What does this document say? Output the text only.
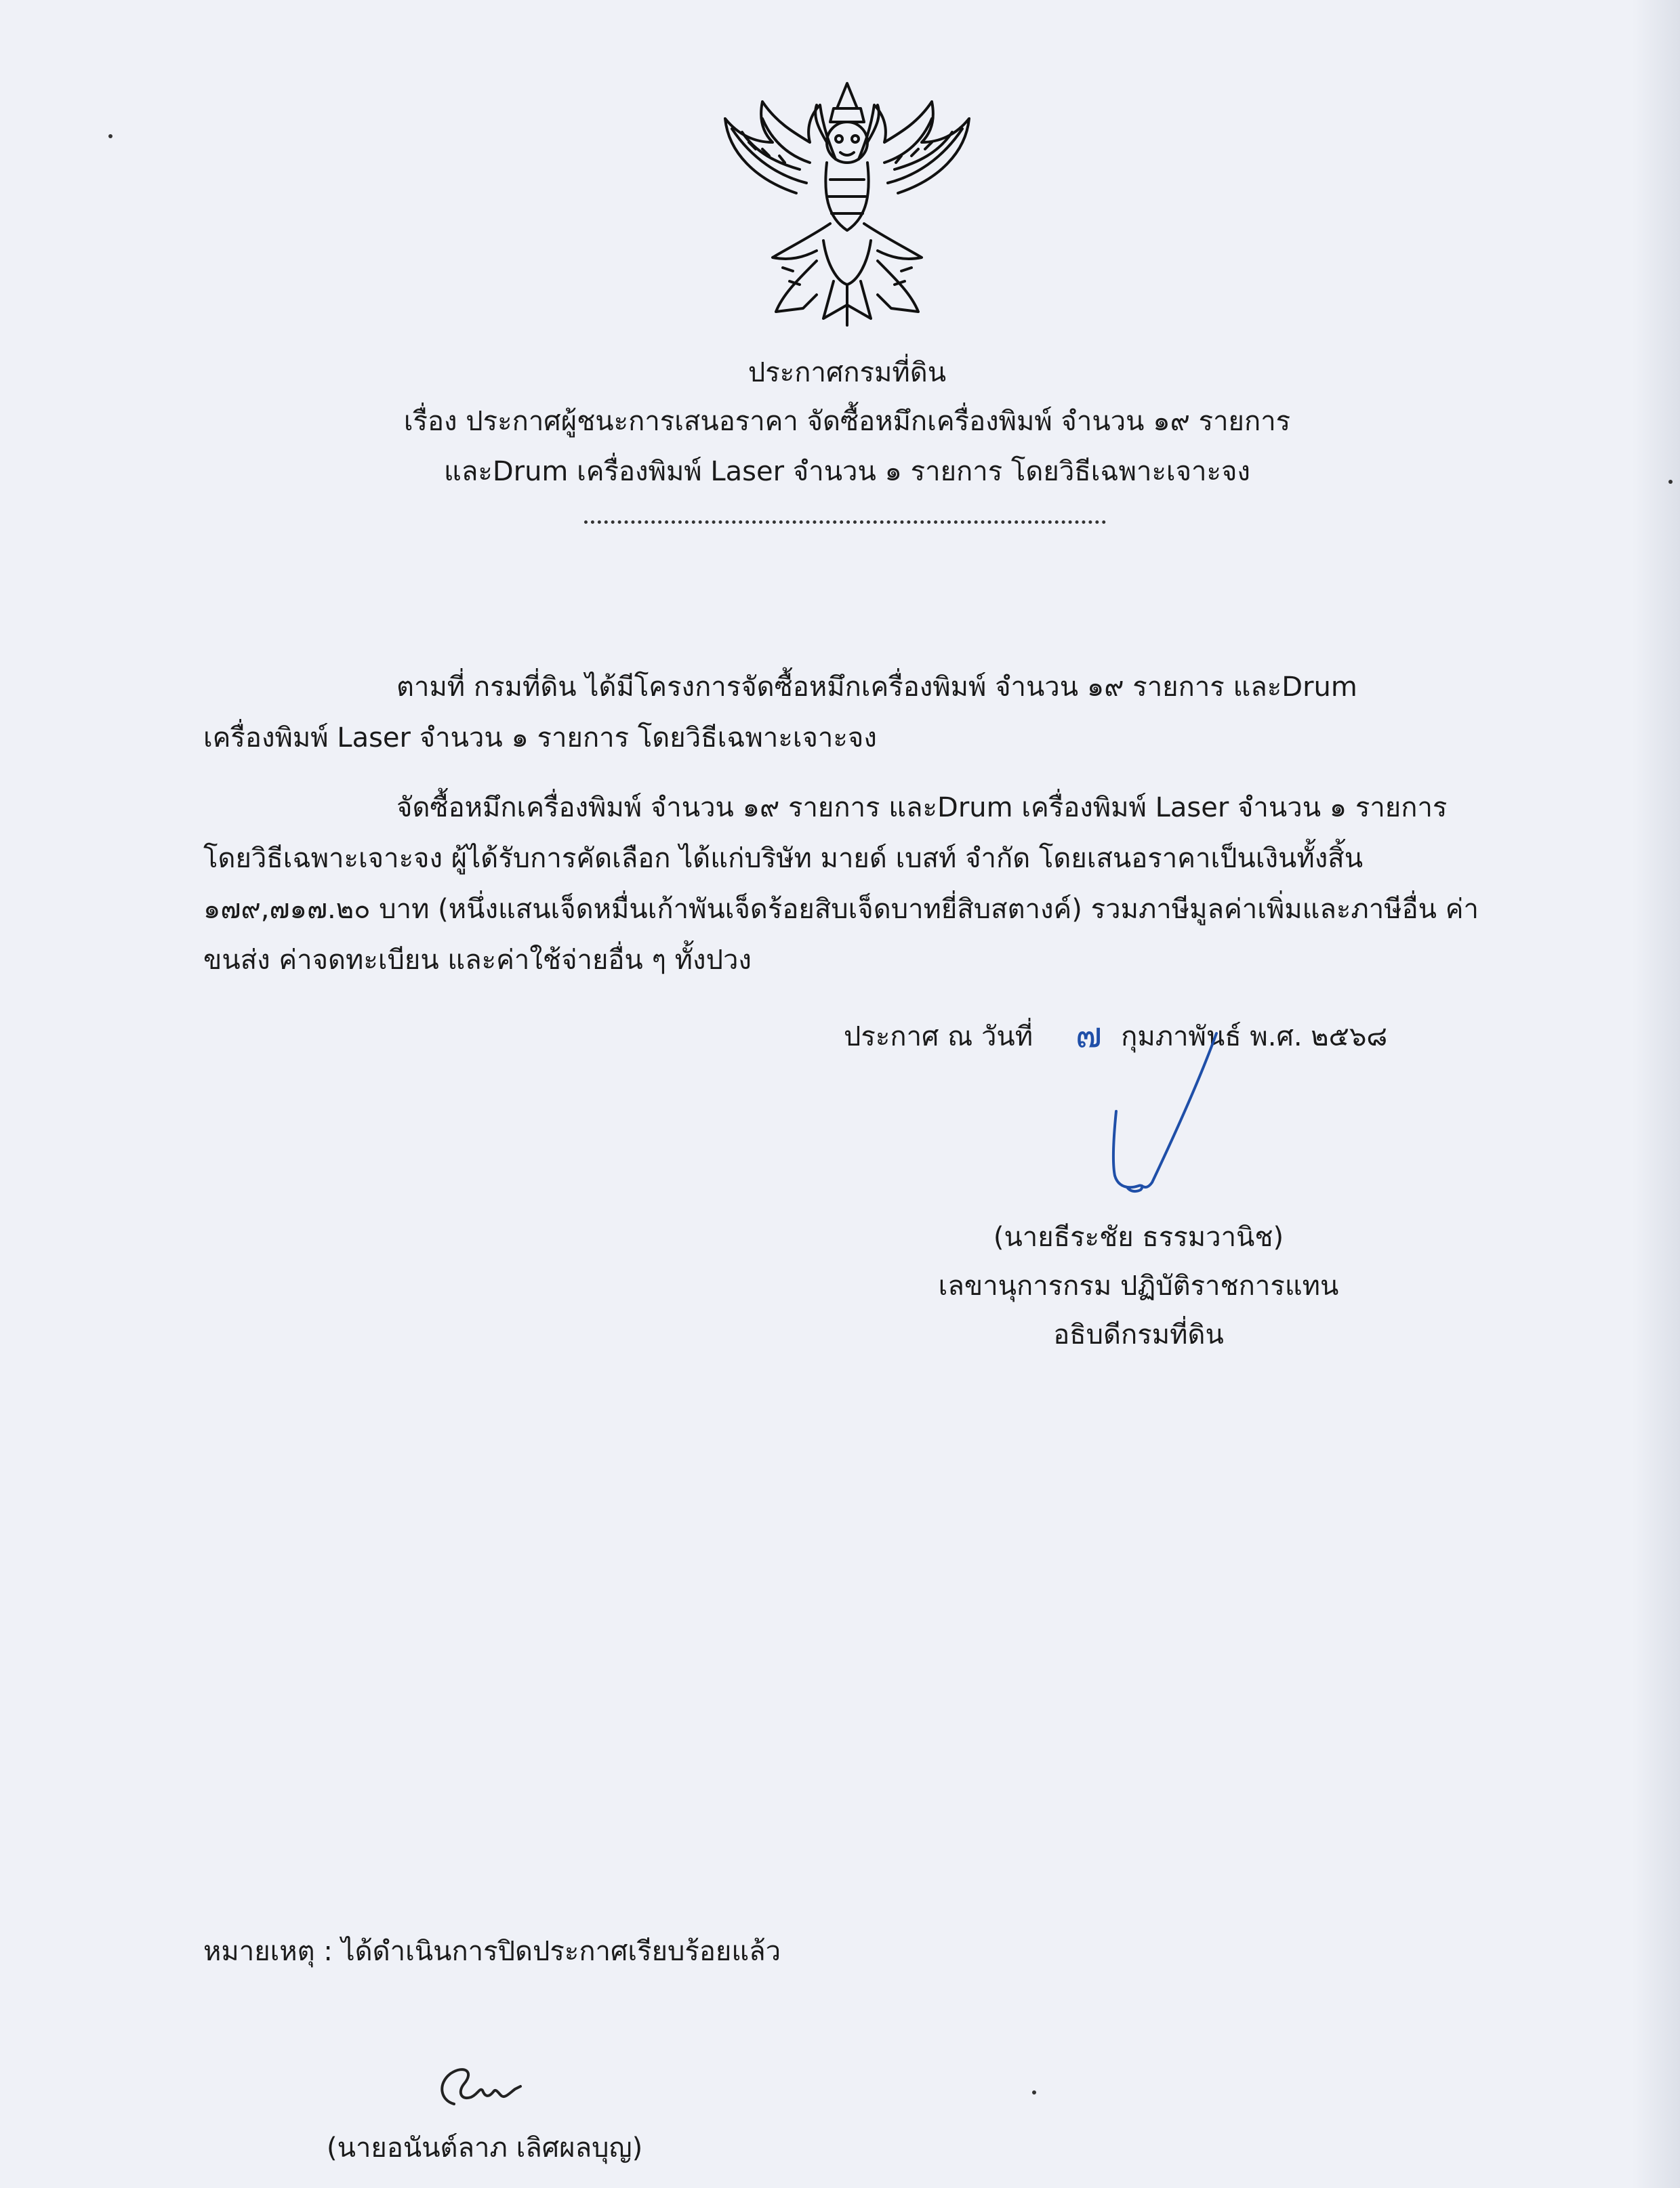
ประกาศกรมที่ดิน
เรื่อง ประกาศผู้ชนะการเสนอราคา จัดซื้อหมึกเครื่องพิมพ์ จำนวน ๑๙ รายการ
และDrum เครื่องพิมพ์ Laser จำนวน ๑ รายการ โดยวิธีเฉพาะเจาะจง
ตามที่ กรมที่ดิน ได้มีโครงการจัดซื้อหมึกเครื่องพิมพ์ จำนวน ๑๙ รายการ และDrum เครื่องพิมพ์ Laser จำนวน ๑ รายการ โดยวิธีเฉพาะเจาะจง
จัดซื้อหมึกเครื่องพิมพ์ จำนวน ๑๙ รายการ และDrum เครื่องพิมพ์ Laser จำนวน ๑ รายการ โดยวิธีเฉพาะเจาะจง ผู้ได้รับการคัดเลือก ได้แก่บริษัท มายด์ เบสท์ จำกัด โดยเสนอราคาเป็นเงินทั้งสิ้น ๑๗๙,๗๑๗.๒๐ บาท (หนึ่งแสนเจ็ดหมื่นเก้าพันเจ็ดร้อยสิบเจ็ดบาทยี่สิบสตางค์) รวมภาษีมูลค่าเพิ่มและภาษีอื่น ค่าขนส่ง ค่าจดทะเบียน และค่าใช้จ่ายอื่น ๆ ทั้งปวง
ประกาศ ณ วันที่	กุมภาพันธ์ พ.ศ. ๒๕๖๘
๗
(นายธีระชัย ธรรมวานิช)
เลขานุการกรม ปฏิบัติราชการแทน
อธิบดีกรมที่ดิน
หมายเหตุ : ได้ดำเนินการปิดประกาศเรียบร้อยแล้ว
(นายอนันต์ลาภ เลิศผลบุญ)
